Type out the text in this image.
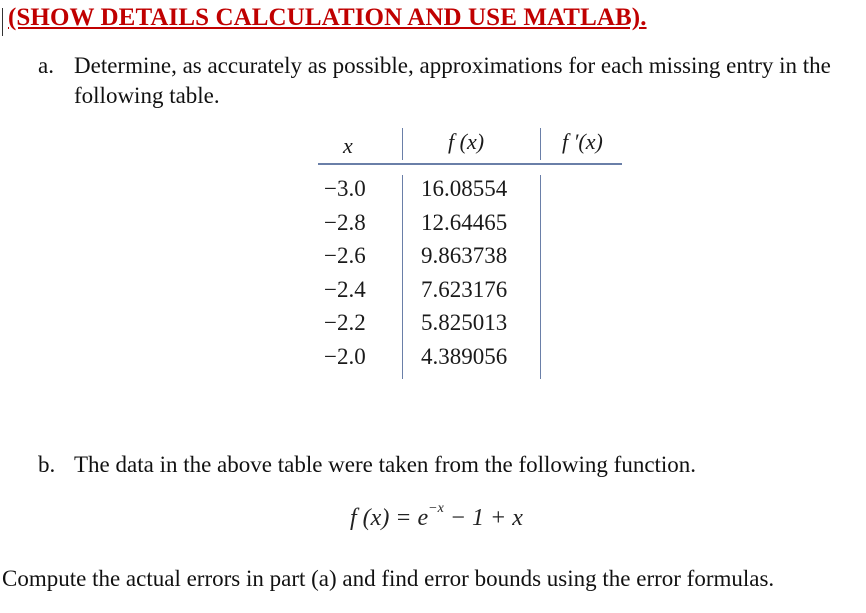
(SHOW DETAILS CALCULATION AND USE MATLAB).
a. Determine, as accurately as possible, approximations for each missing entry in the
following table.
x	f (x)	f ′(x)
−3.0 16.08554
−2.8 12.64465
−2.6 9.863738
−2.4 7.623176
−2.2 5.825013
−2.0 4.389056
b. The data in the above table were taken from the following function.
f $(x) = e^{-x} - 1 + x$
Compute the actual errors in part (a) and find error bounds using the error formulas.
